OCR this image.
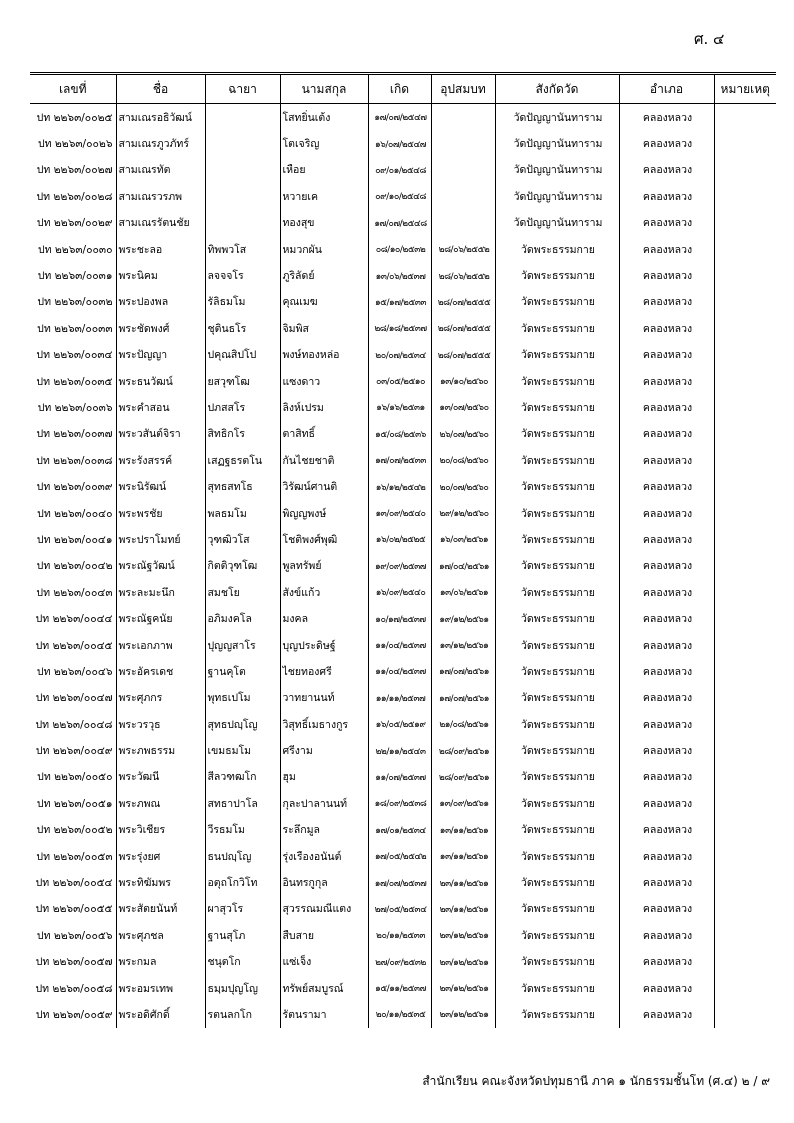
ศ. ๔
เลขที่	ชื่อ	ฉายา	นามสกุล	เกิด	อุปสมบท	สังกัดวัด	อำเภอ	หมายเหตุ
ปท ๒๒๖๓/๐๐๒๕	สามเณรอธิวัฒน์		โสทยิ่นเต้ง	๑๗/๐๗/๒๕๔๗		วัดปัญญานันทาราม	คลองหลวง	
ปท ๒๒๖๓/๐๐๒๖	สามเณรภูวภัทร์		โตเจริญ	๑๖/๐๗/๒๕๔๗		วัดปัญญานันทาราม	คลองหลวง	
ปท ๒๒๖๓/๐๐๒๗	สามเณรทัต		เหือย	๐๙/๐๑/๒๕๔๘		วัดปัญญานันทาราม	คลองหลวง	
ปท ๒๒๖๓/๐๐๒๘	สามเณรวรภพ		หวายเค	๐๙/๑๐/๒๕๔๘		วัดปัญญานันทาราม	คลองหลวง	
ปท ๒๒๖๓/๐๐๒๙	สามเณรรัตนชัย		ทองสุข	๑๗/๐๗/๒๕๔๘		วัดปัญญานันทาราม	คลองหลวง	
ปท ๒๒๖๓/๐๐๓๐	พระชะลอ	ทิพพวโส	หมวกผัน	๐๘/๑๐/๒๕๓๒	๒๘/๐๖/๒๕๕๒	วัดพระธรรมกาย	คลองหลวง	
ปท ๒๒๖๓/๐๐๓๑	พระนิคม	ลจจจโร	ภูริลัดย์	๑๓/๐๖/๒๕๓๗	๒๘/๐๖/๒๕๕๒	วัดพระธรรมกาย	คลองหลวง	
ปท ๒๒๖๓/๐๐๓๒	พระปองพล	รัลิธมโม	คุณเมฆ	๑๕/๑๗/๒๕๓๓	๒๘/๐๗/๒๕๕๕	วัดพระธรรมกาย	คลองหลวง	
ปท ๒๒๖๓/๐๐๓๓	พระชัดพงศ์	ชุตินธโร	จิมพิส	๒๘/๑๘/๒๕๓๗	๒๘/๐๗/๒๕๕๕	วัดพระธรรมกาย	คลองหลวง	
ปท ๒๒๖๓/๐๐๓๔	พระปัญญา	ปคุณสิปโป	พงษ์ทองหล่อ	๒๐/๐๗/๒๕๓๔	๒๘/๐๗/๒๕๕๕	วัดพระธรรมกาย	คลองหลวง	
ปท ๒๒๖๓/๐๐๓๕	พระธนวัฒน์	ยสวุฑโฒ	แซงดาว	๐๓/๐๕/๒๕๑๐	๑๓/๑๐/๒๕๖๐	วัดพระธรรมกาย	คลองหลวง	
ปท ๒๒๖๓/๐๐๓๖	พระคำสอน	ปภสสโร	ลิงห์เปรม	๑๖/๑๖/๒๕๓๑	๑๓/๐๗/๒๕๖๐	วัดพระธรรมกาย	คลองหลวง	
ปท ๒๒๖๓/๐๐๓๗	พระวสันต์จิรา	สิทธิกโร	ตาสิทธิ์	๑๕/๐๘/๒๕๓๖	๒๖/๐๗/๒๕๖๐	วัดพระธรรมกาย	คลองหลวง	
ปท ๒๒๖๓/๐๐๓๘	พระรังสรรค์	เสฏฐธรตโน	กันไชยชาติ	๑๗/๐๗/๒๕๓๓	๒๐/๐๘/๒๕๖๐	วัดพระธรรมกาย	คลองหลวง	
ปท ๒๒๖๓/๐๐๓๙	พระนิรัฒน์	สุทธสทโธ	วิรัฒน์ศานติ	๑๖/๑๒/๒๕๔๒	๒๐/๐๗/๒๕๖๐	วัดพระธรรมกาย	คลองหลวง	
ปท ๒๒๖๓/๐๐๔๐	พระพรชัย	พลธมโม	พิญญพงษ์	๑๓/๐๙/๒๕๔๐	๒๙/๑๒/๒๕๖๐	วัดพระธรรมกาย	คลองหลวง	
ปท ๒๒๖๓/๐๐๔๑	พระปราโมทย์	วุฑฒิวโส	โชติพงศ์พุฒิ	๑๖/๐๒/๒๕๒๕	๑๖/๐๓/๒๕๖๑	วัดพระธรรมกาย	คลองหลวง	
ปท ๒๒๖๓/๐๐๔๒	พระณัฐวัฒน์	กิตติวุฑโฒ	พูลทรัพย์	๑๙/๐๙/๒๕๓๗	๑๗/๐๔/๒๕๖๑	วัดพระธรรมกาย	คลองหลวง	
ปท ๒๒๖๓/๐๐๔๓	พระละมะนึก	สมชโย	สังข์แก้ว	๑๖/๐๙/๒๕๔๐	๑๓/๐๖/๒๕๖๑	วัดพระธรรมกาย	คลองหลวง	
ปท ๒๒๖๓/๐๐๔๔	พระณัฐคนัย	อภิมงคโล	มงคล	๑๐/๑๗/๒๕๓๗	๑๙/๑๒/๒๕๖๑	วัดพระธรรมกาย	คลองหลวง	
ปท ๒๒๖๓/๐๐๔๕	พระเอกภาพ	ปุญญสาโร	บุญประดิษฐ์	๑๑/๐๔/๒๕๓๗	๑๓/๑๒/๒๕๖๑	วัดพระธรรมกาย	คลองหลวง	
ปท ๒๒๖๓/๐๐๔๖	พระอัครเดช	ฐานคุโต	ไชยทองศรี	๑๑/๐๔/๒๕๓๗	๑๗/๐๗/๒๕๖๑	วัดพระธรรมกาย	คลองหลวง	
ปท ๒๒๖๓/๐๐๔๗	พระศุภกร	พุทธเปโม	วาทยานนท์	๑๑/๑๑/๒๕๓๗	๑๗/๐๗/๒๕๖๑	วัดพระธรรมกาย	คลองหลวง	
ปท ๒๒๖๓/๐๐๔๘	พระวรวุธ	สุทธปญฺโญ	วิสุทธิ์เมธางกูร	๑๖/๐๕/๒๕๑๙	๒๑/๐๘/๒๕๖๑	วัดพระธรรมกาย	คลองหลวง	
ปท ๒๒๖๓/๐๐๔๙	พระภพธรรม	เขมธมโม	ศรีงาม	๒๒/๑๑/๒๕๔๓	๒๘/๐๙/๒๕๖๑	วัดพระธรรมกาย	คลองหลวง	
ปท ๒๒๖๓/๐๐๕๐	พระวัฒนี	สีลวฑฒโก	ฮุม	๑๑/๐๗/๒๕๓๗	๒๘/๐๙/๒๕๖๑	วัดพระธรรมกาย	คลองหลวง	
ปท ๒๒๖๓/๐๐๕๑	พระภพณ	สทธาปาโล	กุละปาลานนท์	๑๘/๐๙/๒๕๓๘	๑๓/๐๙/๒๕๖๑	วัดพระธรรมกาย	คลองหลวง	
ปท ๒๒๖๓/๐๐๕๒	พระวิเชียร	วีรธมโม	ระลึกมูล	๑๗/๐๑/๒๕๓๔	๑๓/๑๑/๒๕๖๑	วัดพระธรรมกาย	คลองหลวง	
ปท ๒๒๖๓/๐๐๕๓	พระรุ่งยศ	ธนปญฺโญ	รุ่งเรืองอนันต์	๑๗/๐๕/๒๕๔๒	๑๓/๑๑/๒๕๖๑	วัดพระธรรมกาย	คลองหลวง	
ปท ๒๒๖๓/๐๐๕๔	พระทิฆัมพร	อตุถโกวิโท	อินทรกูกุล	๑๗/๐๗/๒๕๓๗	๒๓/๑๑/๒๕๖๑	วัดพระธรรมกาย	คลองหลวง	
ปท ๒๒๖๓/๐๐๕๕	พระสัตยนันท์	ผาสุวโร	สุวรรณมณีแตง	๒๗/๐๕/๒๕๓๔	๒๓/๑๑/๒๕๖๑	วัดพระธรรมกาย	คลองหลวง	
ปท ๒๒๖๓/๐๐๕๖	พระศุภชล	ฐานสุโภ	สืบสาย	๒๐/๑๑/๒๕๓๓	๒๓/๑๒/๒๕๖๑	วัดพระธรรมกาย	คลองหลวง	
ปท ๒๒๖๓/๐๐๕๗	พระกมล	ชนุตโก	แซ่เจ็ง	๒๗/๐๙/๒๕๓๒	๒๓/๑๒/๒๕๖๑	วัดพระธรรมกาย	คลองหลวง	
ปท ๒๒๖๓/๐๐๕๘	พระอมรเทพ	ธมฺมปุญโญ	ทรัพย์สมบูรณ์	๑๕/๑๑/๒๕๓๗	๒๓/๑๒/๒๕๖๑	วัดพระธรรมกาย	คลองหลวง	
ปท ๒๒๖๓/๐๐๕๙	พระอดิศักดิ์	รตนลกโก	รัตนรามา	๒๐/๑๑/๒๕๓๕	๒๓/๑๒/๒๕๖๑	วัดพระธรรมกาย	คลองหลวง	
สำนักเรียน คณะจังหวัดปทุมธานี ภาค ๑ นักธรรมชั้นโท (ศ.๔) ๒ / ๙
